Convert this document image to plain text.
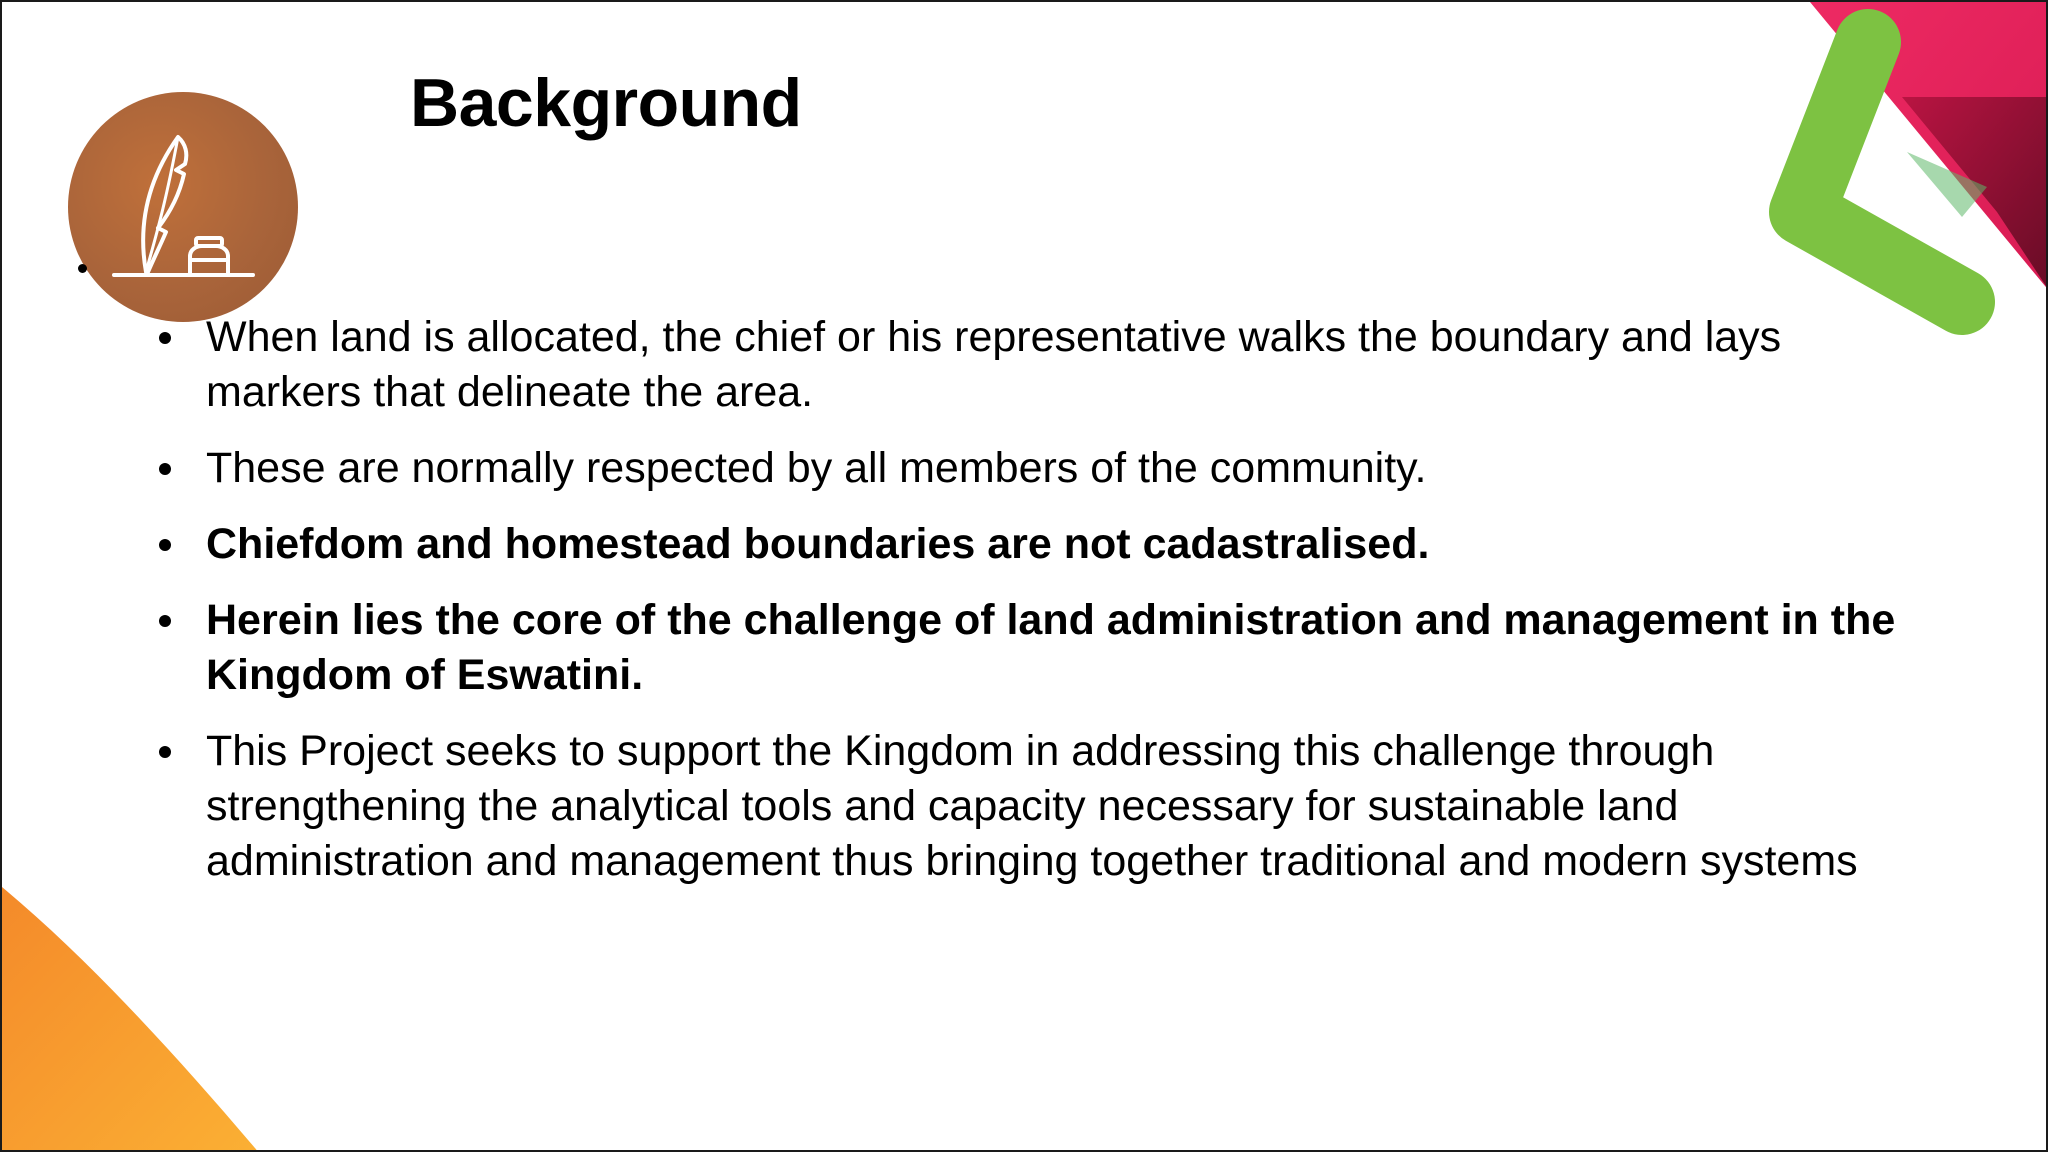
Background
When land is allocated, the chief or his representative walks the boundary and lays markers that delineate the area.
These are normally respected by all members of the community.
Chiefdom and homestead boundaries are not cadastralised.
Herein lies the core of the challenge of land administration and management in the Kingdom of Eswatini.
This Project seeks to support the Kingdom in addressing this challenge through strengthening the analytical tools and capacity necessary for sustainable land administration and management thus bringing together traditional and modern systems
